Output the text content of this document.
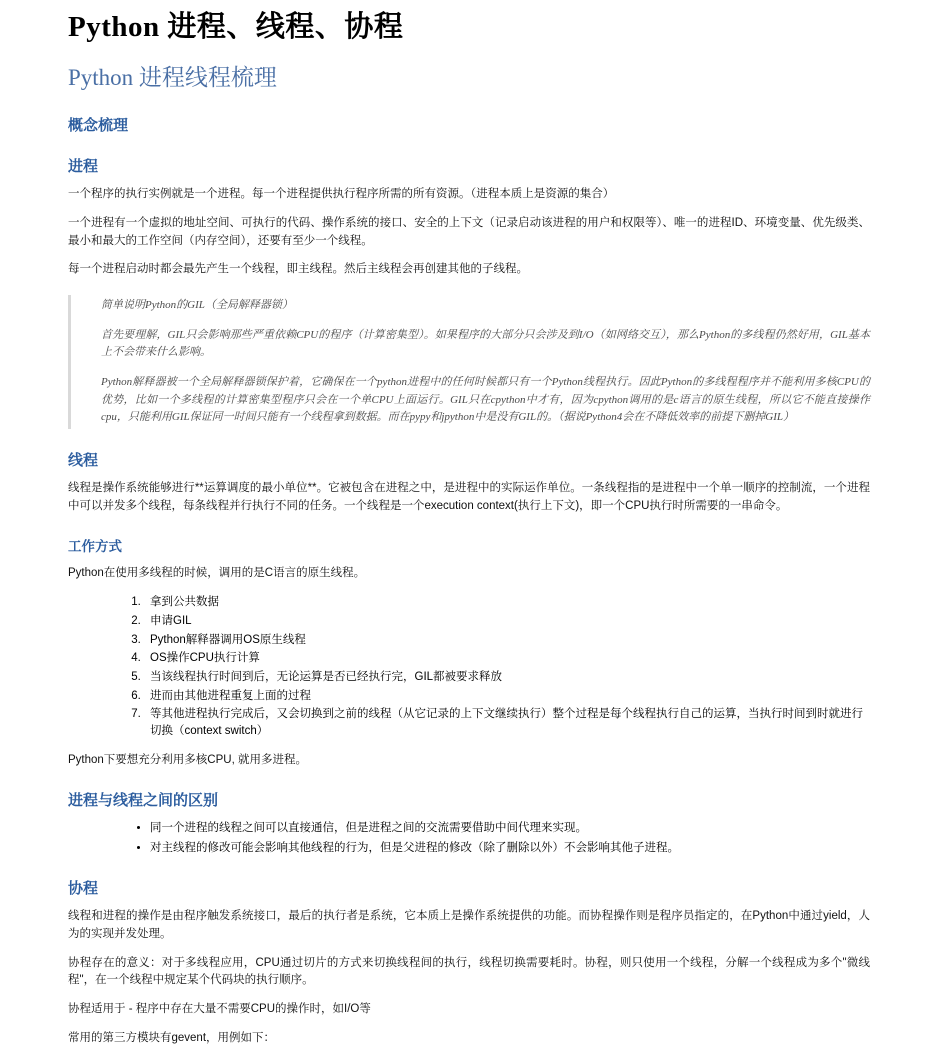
Python 进程、线程、协程
Python 进程线程梳理
概念梳理
进程

一个程序的执行实例就是一个进程。每一个进程提供执行程序所需的所有资源。（进程本质上是资源的集合）

一个进程有一个虚拟的地址空间、可执行的代码、操作系统的接口、安全的上下文（记录启动该进程的用户和权限等）、唯一的进程ID、环境变量、优先级类、最小和最大的工作空间（内存空间），还要有至少一个线程。

每一个进程启动时都会最先产生一个线程，即主线程。然后主线程会再创建其他的子线程。

简单说明Python的GIL（全局解释器锁）

首先要理解，GIL只会影响那些严重依赖CPU的程序（计算密集型）。如果程序的大部分只会涉及到I/O（如网络交互），那么Python的多线程仍然好用，GIL基本上不会带来什么影响。

Python解释器被一个全局解释器锁保护着，它确保在一个python进程中的任何时候都只有一个Python线程执行。因此Python的多线程程序并不能利用多核CPU的优势，比如一个多线程的计算密集型程序只会在一个单CPU上面运行。GIL只在cpython中才有，因为cpython调用的是c语言的原生线程，所以它不能直接操作cpu，只能利用GIL保证同一时间只能有一个线程拿到数据。而在pypy和jpython中是没有GIL的。（据说Python4会在不降低效率的前提下删掉GIL）

线程

线程是操作系统能够进行**运算调度的最小单位**。它被包含在进程之中，是进程中的实际运作单位。一条线程指的是进程中一个单一顺序的控制流，一个进程中可以并发多个线程，每条线程并行执行不同的任务。一个线程是一个execution context(执行上下文)，即一个CPU执行时所需要的一串命令。

工作方式

Python在使用多线程的时候，调用的是C语言的原生线程。

1. 拿到公共数据
2. 申请GIL
3. Python解释器调用OS原生线程
4. OS操作CPU执行计算
5. 当该线程执行时间到后，无论运算是否已经执行完，GIL都被要求释放
6. 进而由其他进程重复上面的过程
7. 等其他进程执行完成后，又会切换到之前的线程（从它记录的上下文继续执行）整个过程是每个线程执行自己的运算，当执行时间到时就进行切换（context switch）

Python下要想充分利用多核CPU, 就用多进程。

进程与线程之间的区别
• 同一个进程的线程之间可以直接通信，但是进程之间的交流需要借助中间代理来实现。
• 对主线程的修改可能会影响其他线程的行为，但是父进程的修改（除了删除以外）不会影响其他子进程。
协程

线程和进程的操作是由程序触发系统接口，最后的执行者是系统，它本质上是操作系统提供的功能。而协程操作则是程序员指定的，在Python中通过yield，人为的实现并发处理。

协程存在的意义：对于多线程应用，CPU通过切片的方式来切换线程间的执行，线程切换需要耗时。协程，则只使用一个线程，分解一个线程成为多个"微线程"，在一个线程中规定某个代码块的执行顺序。

协程适用于 - 程序中存在大量不需要CPU的操作时，如I/O等

常用的第三方模块有gevent，用例如下：
